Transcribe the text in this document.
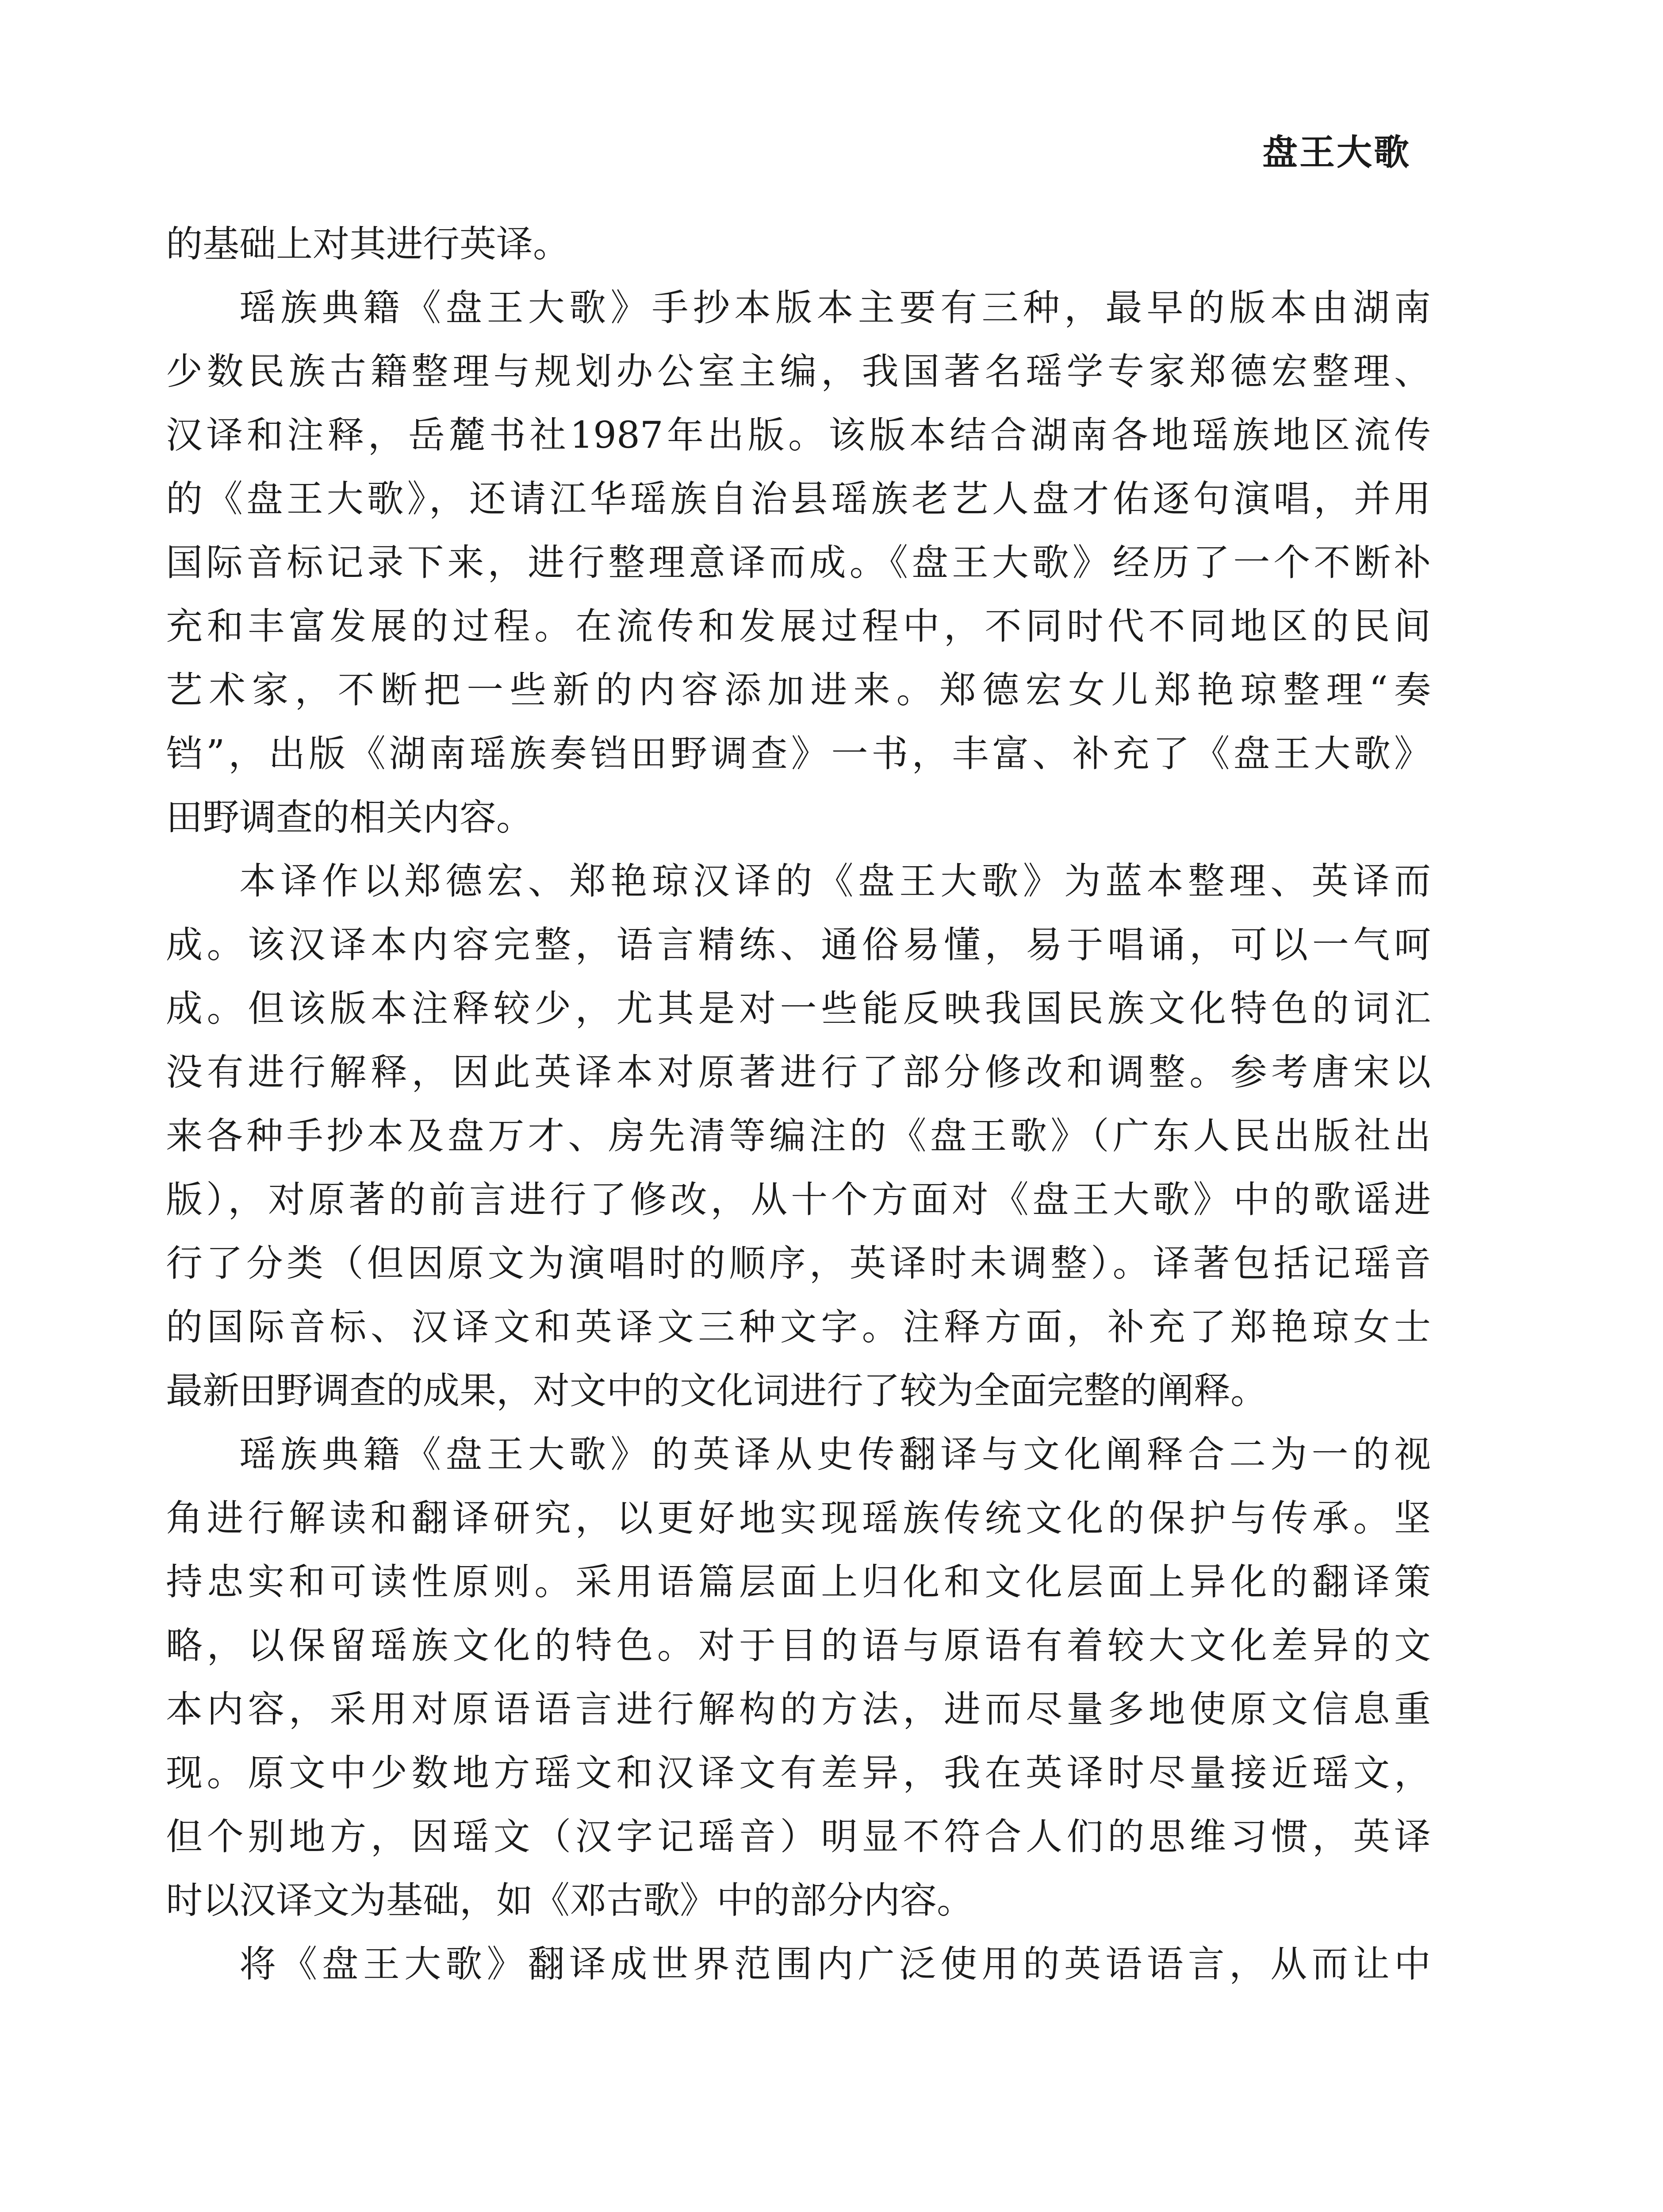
盘王大歌
的基础上对其进行英译。
瑶族典籍《盘王大歌》手抄本版本主要有三种，最早的版本由湖南
少数民族古籍整理与规划办公室主编，我国著名瑶学专家郑德宏整理、
汉译和注释，岳麓书社1987年出版。该版本结合湖南各地瑶族地区流传
的《盘王大歌》，还请江华瑶族自治县瑶族老艺人盘才佑逐句演唱，并用
国际音标记录下来，进行整理意译而成。《盘王大歌》经历了一个不断补
充和丰富发展的过程。在流传和发展过程中，不同时代不同地区的民间
艺术家，不断把一些新的内容添加进来。郑德宏女儿郑艳琼整理“奏
铛”，出版《湖南瑶族奏铛田野调查》一书，丰富、补充了《盘王大歌》
田野调查的相关内容。
本译作以郑德宏、郑艳琼汉译的《盘王大歌》为蓝本整理、英译而
成。该汉译本内容完整，语言精练、通俗易懂，易于唱诵，可以一气呵
成。但该版本注释较少，尤其是对一些能反映我国民族文化特色的词汇
没有进行解释，因此英译本对原著进行了部分修改和调整。参考唐宋以
来各种手抄本及盘万才、房先清等编注的《盘王歌》（广东人民出版社出
版），对原著的前言进行了修改，从十个方面对《盘王大歌》中的歌谣进
行了分类（但因原文为演唱时的顺序，英译时未调整）。译著包括记瑶音
的国际音标、汉译文和英译文三种文字。注释方面，补充了郑艳琼女士
最新田野调查的成果，对文中的文化词进行了较为全面完整的阐释。
瑶族典籍《盘王大歌》的英译从史传翻译与文化阐释合二为一的视
角进行解读和翻译研究，以更好地实现瑶族传统文化的保护与传承。坚
持忠实和可读性原则。采用语篇层面上归化和文化层面上异化的翻译策
略，以保留瑶族文化的特色。对于目的语与原语有着较大文化差异的文
本内容，采用对原语语言进行解构的方法，进而尽量多地使原文信息重
现。原文中少数地方瑶文和汉译文有差异，我在英译时尽量接近瑶文，
但个别地方，因瑶文（汉字记瑶音）明显不符合人们的思维习惯，英译
时以汉译文为基础，如《邓古歌》中的部分内容。
将《盘王大歌》翻译成世界范围内广泛使用的英语语言，从而让中
